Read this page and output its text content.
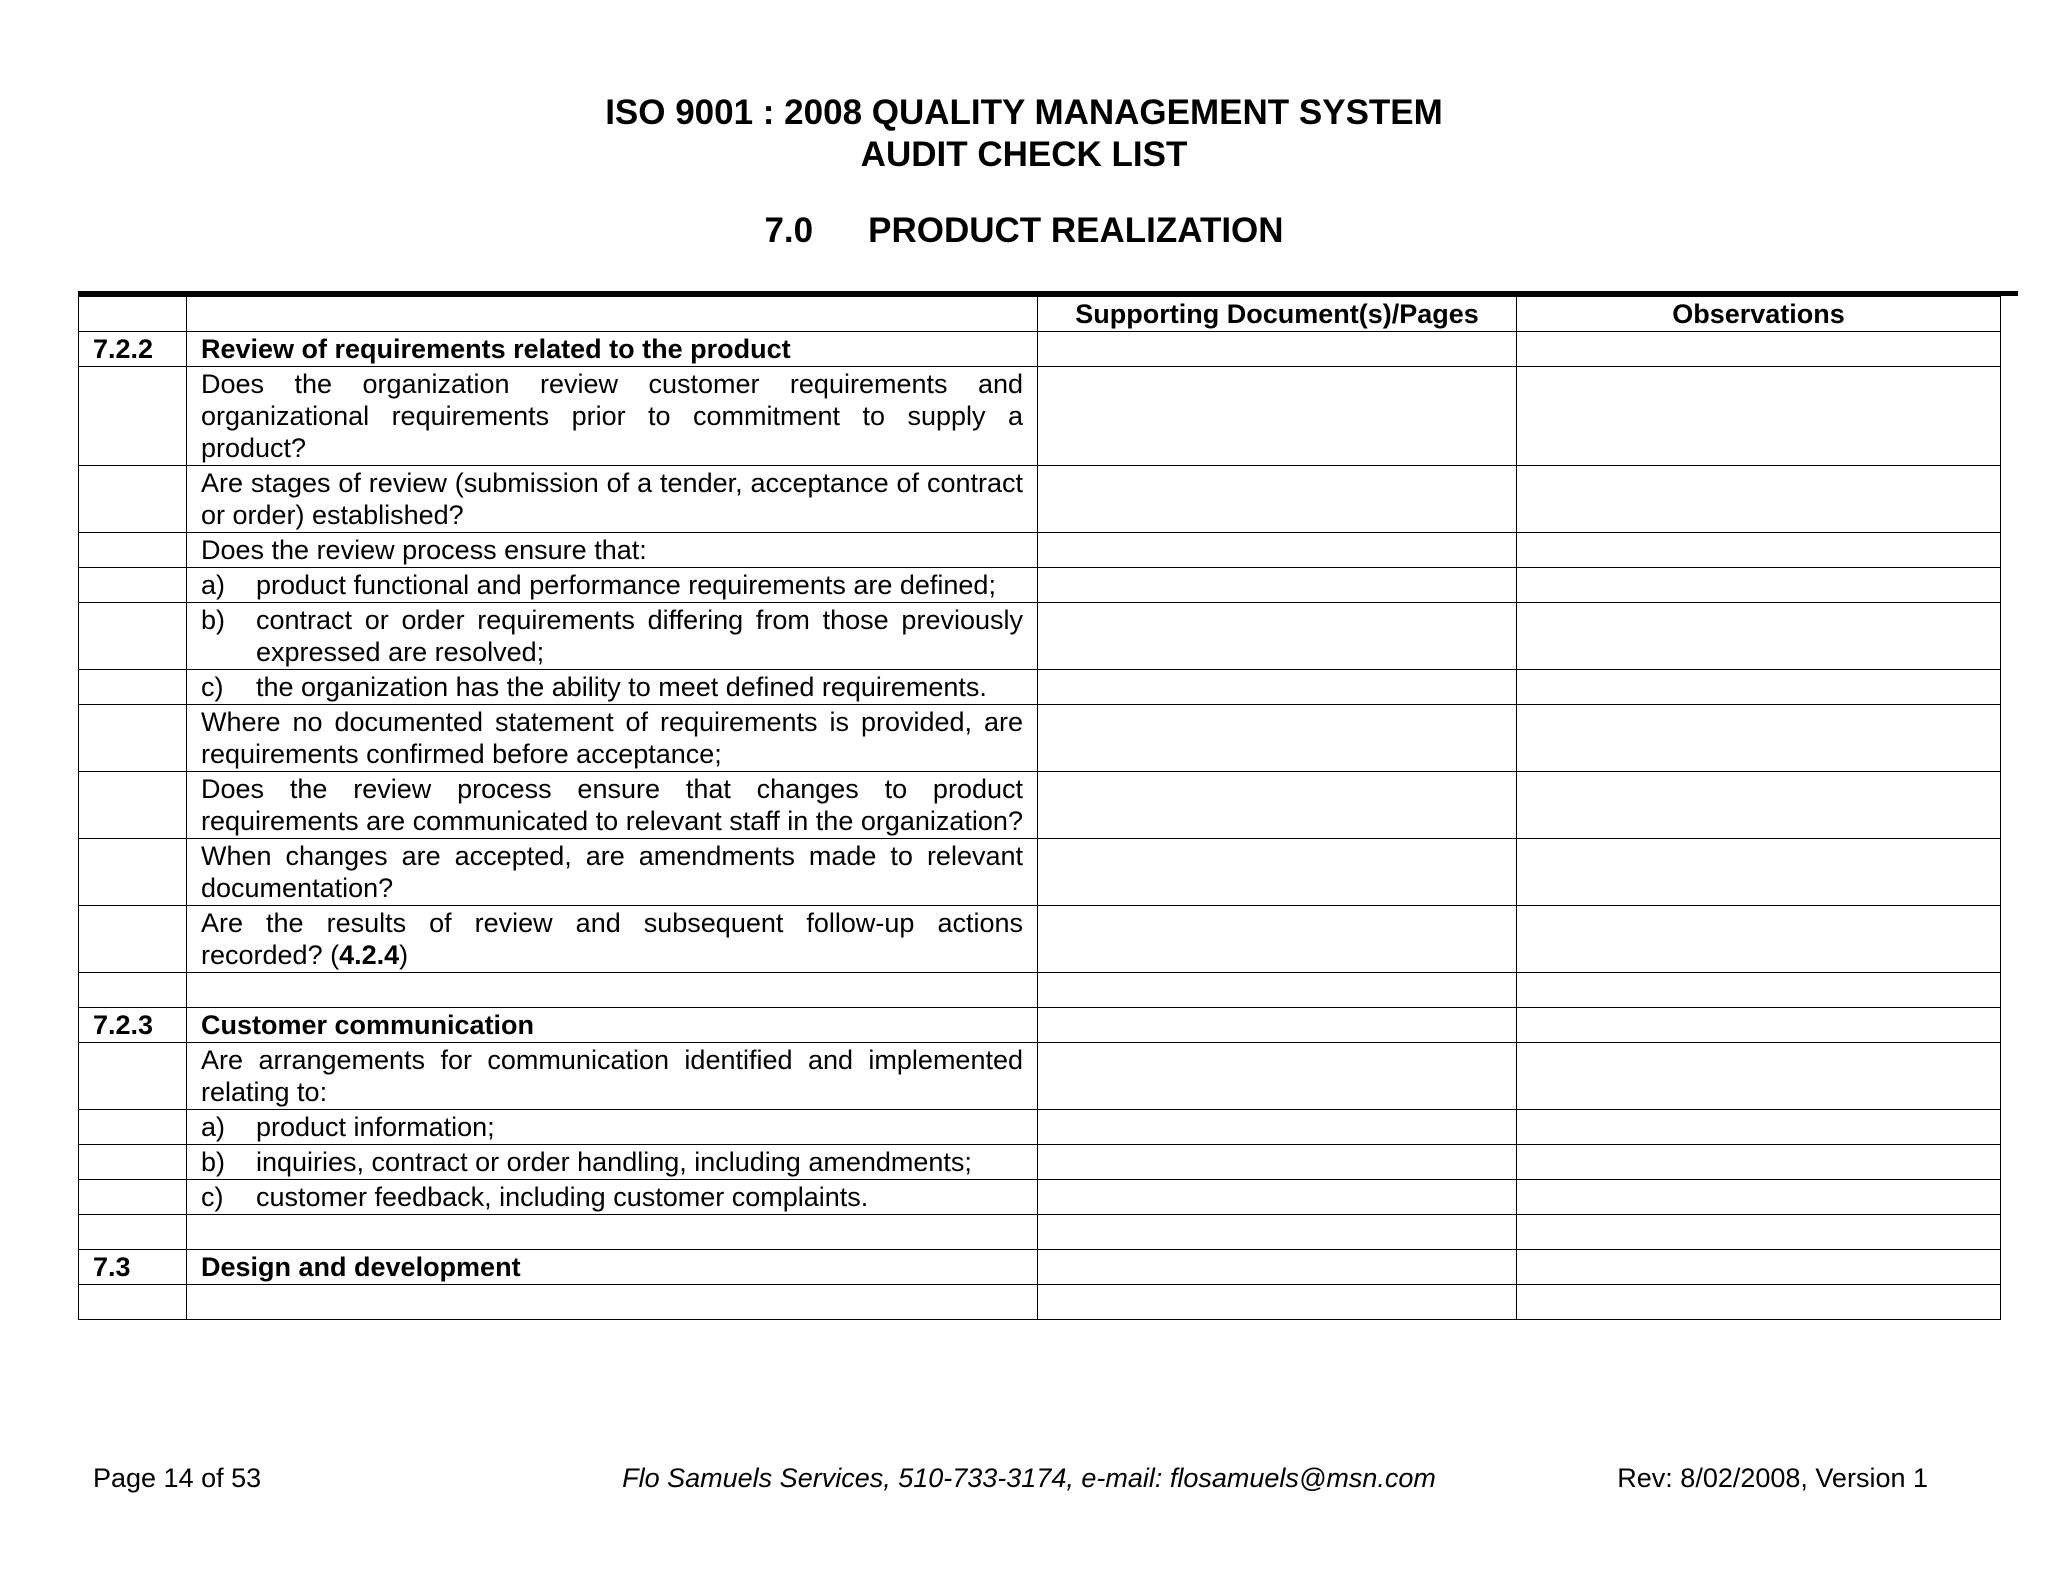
ISO 9001 : 2008 QUALITY MANAGEMENT SYSTEM
AUDIT CHECK LIST
7.0 PRODUCT REALIZATION
		Supporting Document(s)/Pages	Observations
7.2.2	Review of requirements related to the product		
	Does the organization review customer requirements and organizational requirements prior to commitment to supply a product?		
	Are stages of review (submission of a tender, acceptance of contract or order) established?		
	Does the review process ensure that:		

	a) product functional and performance requirements are defined;		

	b) contract or order requirements differing from those previously expressed are resolved;		

	c) the organization has the ability to meet defined requirements.		

	Where no documented statement of requirements is provided, are requirements confirmed before acceptance;		
	Does the review process ensure that changes to product requirements are communicated to relevant staff in the organization?		
	When changes are accepted, are amendments made to relevant documentation?		
	Are the results of review and subsequent follow-up actions recorded? (4.2.4)		

7.2.3	Customer communication		
	Are arrangements for communication identified and implemented relating to:		

	a) product information;		

	b) inquiries, contract or order handling, including amendments;		

	c) customer feedback, including customer complaints.		

7.3	Design and development		

Page 14 of 53	Flo Samuels Services, 510-733-3174, e-mail: flosamuels@msn.com	Rev: 8/02/2008, Version 1
